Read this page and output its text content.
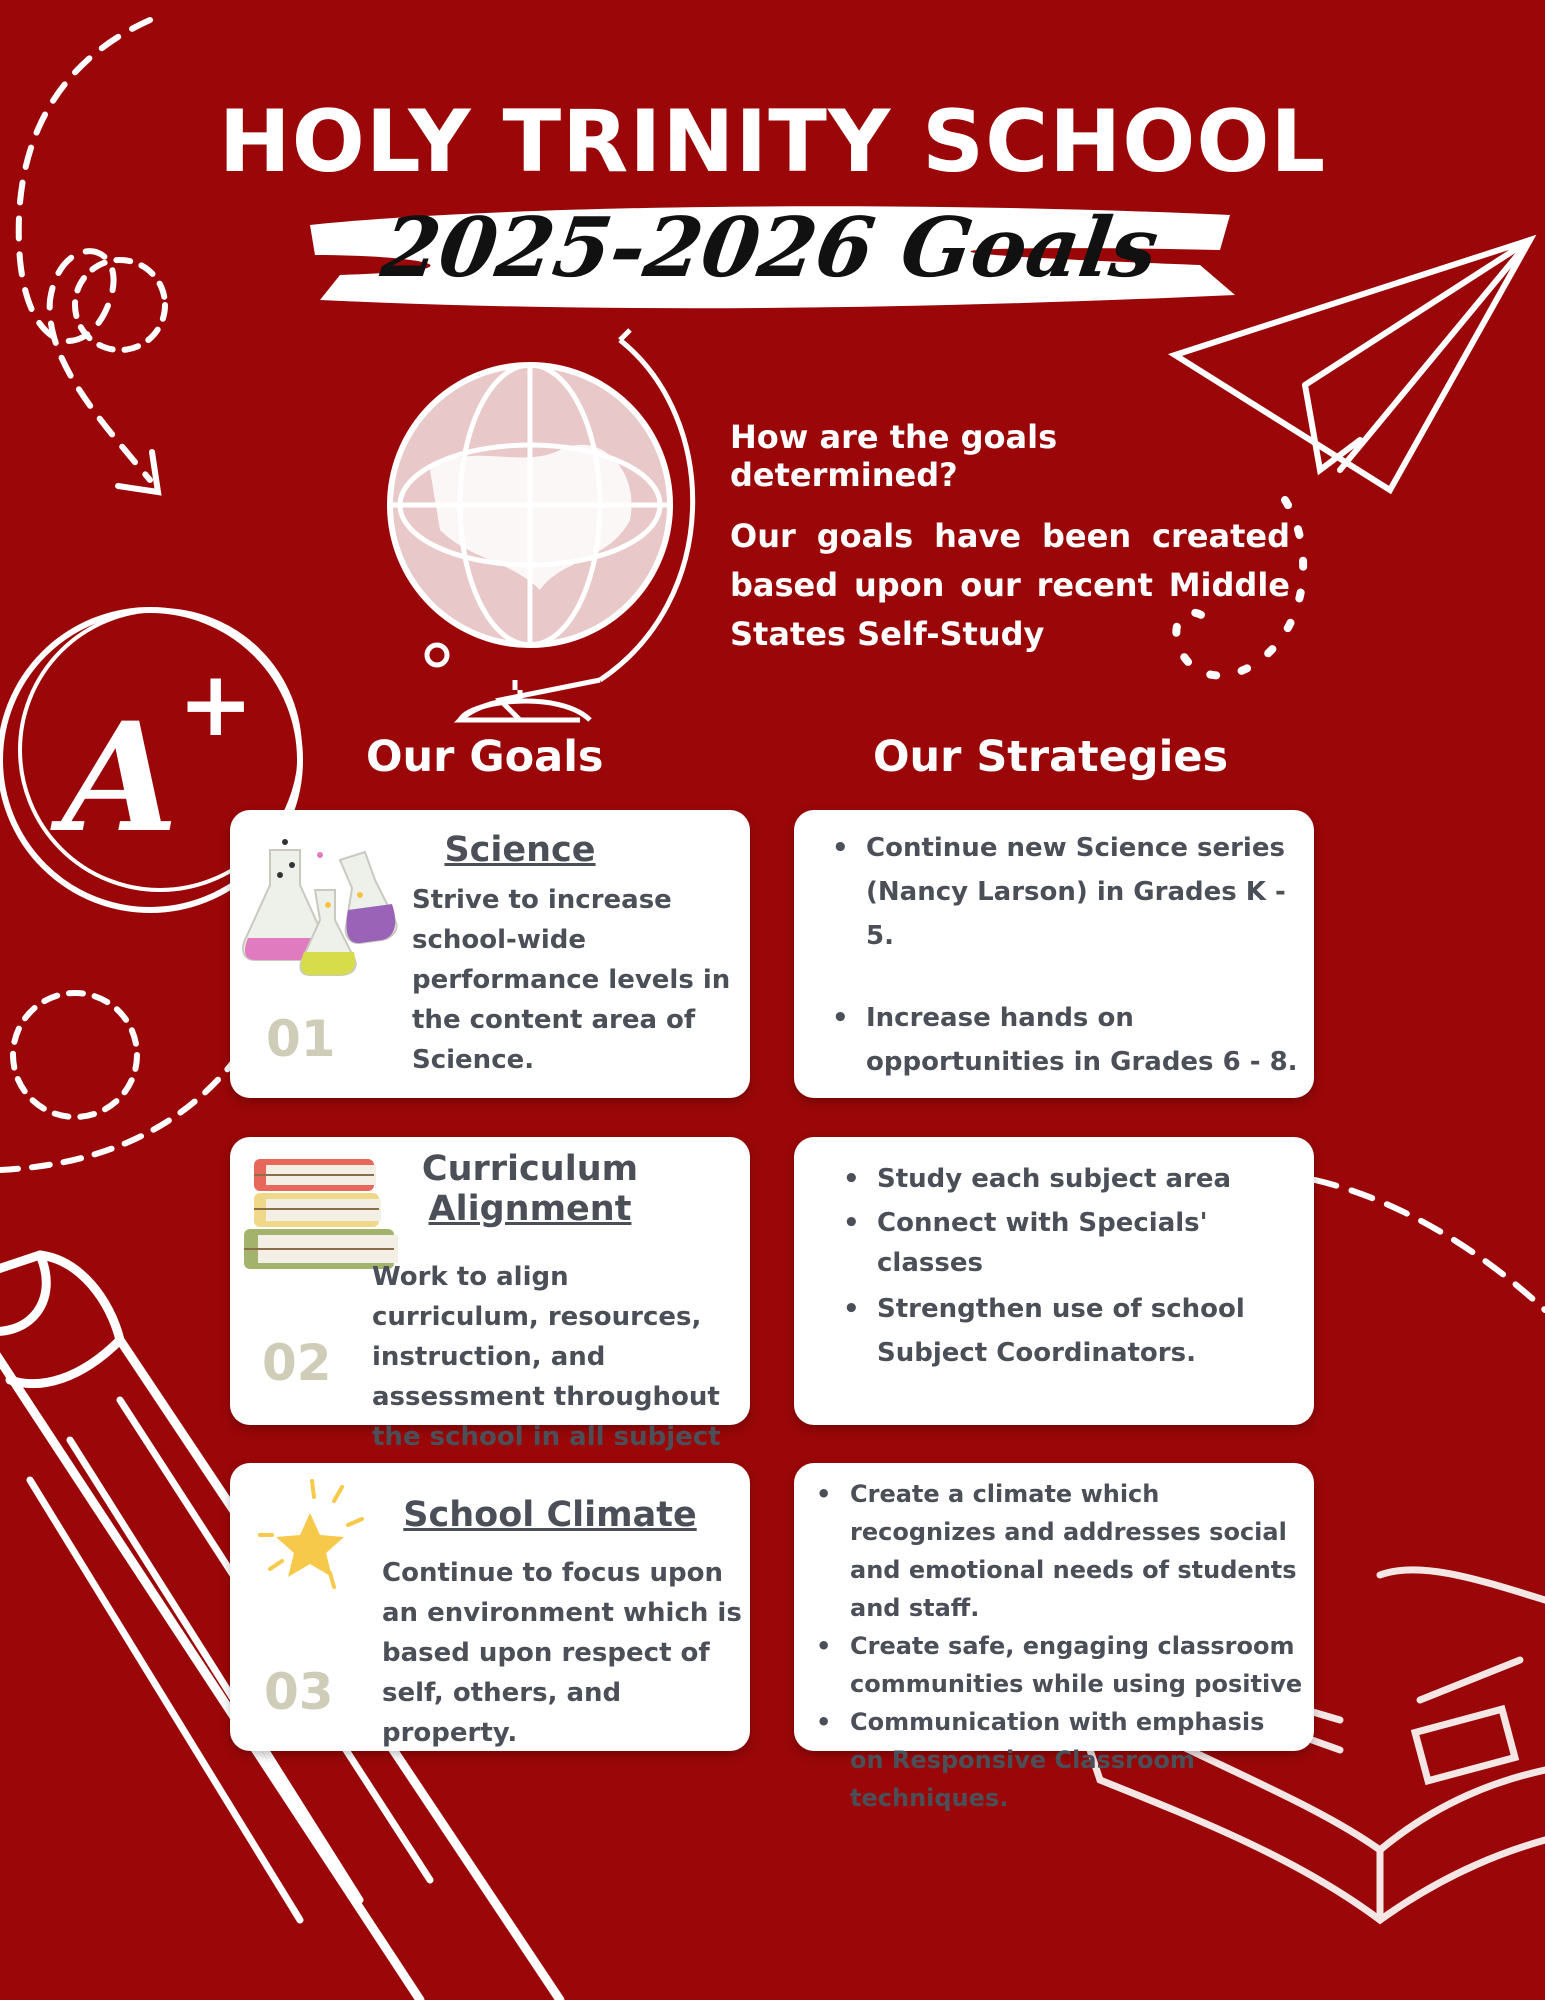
A +
HOLY TRINITY SCHOOL
2025-2026 Goals
How are the goals determined?
Our goals have been created based upon our recent Middle States Self-Study
Our Goals	Our Strategies
Science
Strive to increase school-wide performance levels in the content area of Science.
01
• Continue new Science series (Nancy Larson) in Grades K - 5.
• Increase hands on opportunities in Grades 6 - 8.
Curriculum
Alignment
Work to align curriculum, resources, instruction, and assessment throughout the school in all subject
02
• Study each subject area
• Connect with Specials' classes
• Strengthen use of school Subject Coordinators.
School Climate
Continue to focus upon an environment which is based upon respect of self, others, and property.
03
• Create a climate which recognizes and addresses social and emotional needs of students and staff.
• Create safe, engaging classroom communities while using positive
• Communication with emphasis on Responsive Classroom techniques.
